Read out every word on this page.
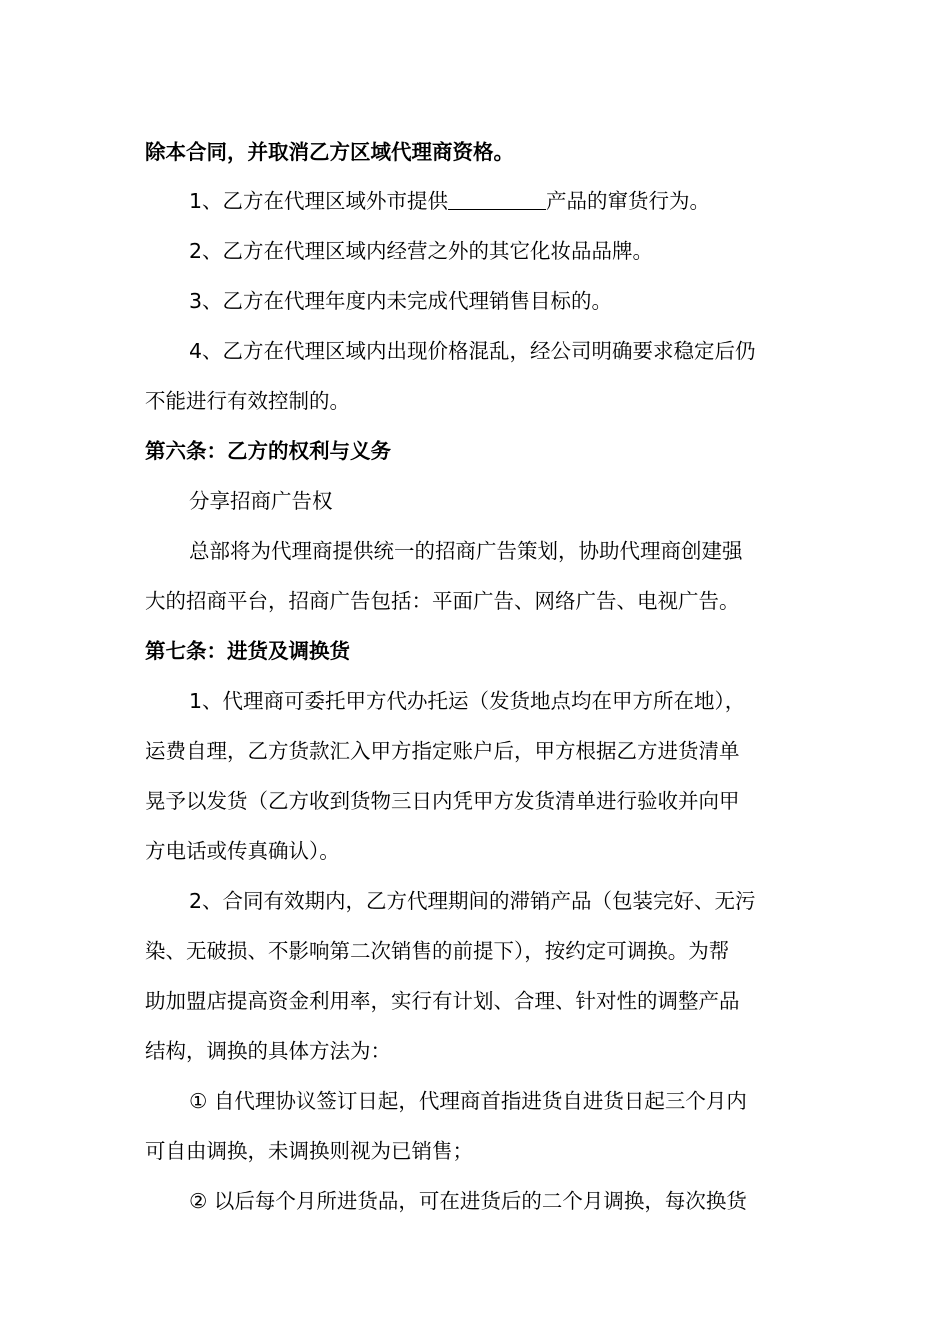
除本合同，并取消乙方区域代理商资格。
1、乙方在代理区域外市提供	产品的窜货行为。
2、乙方在代理区域内经营之外的其它化妆品品牌。
3、乙方在代理年度内未完成代理销售目标的。
4、乙方在代理区域内出现价格混乱，经公司明确要求稳定后仍
不能进行有效控制的。
第六条：乙方的权利与义务
分享招商广告权
总部将为代理商提供统一的招商广告策划，协助代理商创建强
大的招商平台，招商广告包括：平面广告、网络广告、电视广告。
第七条：进货及调换货
1、代理商可委托甲方代办托运（发货地点均在甲方所在地），
运费自理，乙方货款汇入甲方指定账户后，甲方根据乙方进货清单
晃予以发货（乙方收到货物三日内凭甲方发货清单进行验收并向甲
方电话或传真确认）。
2、合同有效期内，乙方代理期间的滞销产品（包装完好、无污
染、无破损、不影响第二次销售的前提下），按约定可调换。为帮
助加盟店提高资金利用率，实行有计划、合理、针对性的调整产品
结构，调换的具体方法为：
① 自代理协议签订日起，代理商首指进货自进货日起三个月内
可自由调换，未调换则视为已销售；
② 以后每个月所进货品，可在进货后的二个月调换，每次换货
